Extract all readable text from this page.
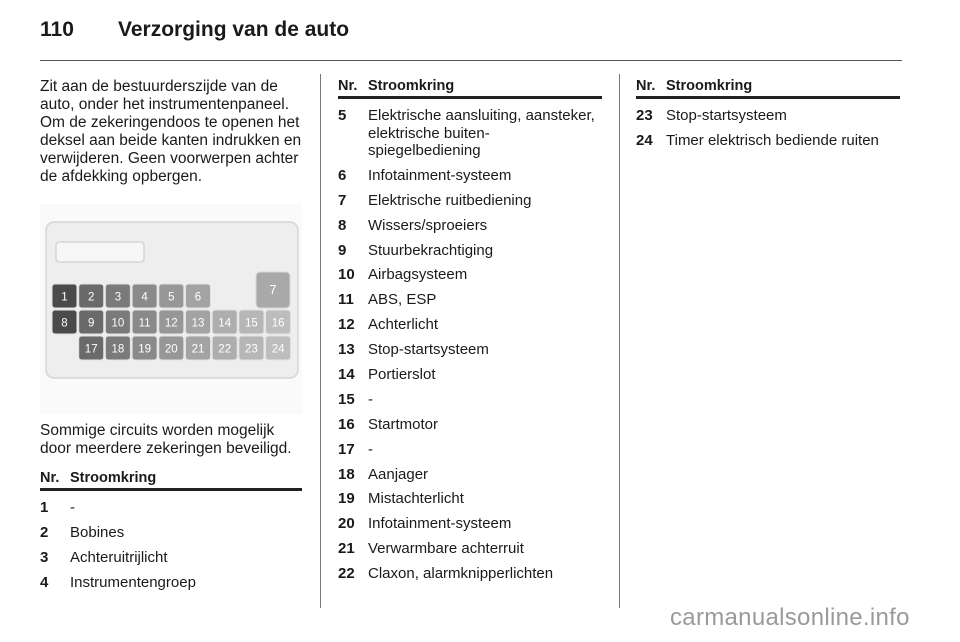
110 Verzorging van de auto

Zit aan de bestuurderszijde van de auto, onder het instrumentenpaneel. Om de zekeringendoos te openen het deksel aan beide kanten indrukken en verwijderen. Geen voorwerpen achter de afdekking opbergen.

1 2 3 4 5 6
8 9 10 11 12 13 14 15 16
17 18 19 20 21 22 23 24
7

Sommige circuits worden mogelijk door meerdere zekeringen beveiligd.

Nr. Stroomkring
1	-
2	Bobines
3	Achteruitrijlicht
4	Instrumentengroep
Nr. Stroomkring
5	Elektrische aansluiting, aansteker, elektrische buiten-spiegelbediening
6	Infotainment-systeem
7	Elektrische ruitbediening
8	Wissers/sproeiers
9	Stuurbekrachtiging
10 Airbagsysteem
11 ABS, ESP
12 Achterlicht
13 Stop-startsysteem
14 Portierslot
15 -
16 Startmotor
17 -
18 Aanjager
19 Mistachterlicht
20 Infotainment-systeem
21 Verwarmbare achterruit
22 Claxon, alarmknipperlichten
Nr. Stroomkring
23 Stop-startsysteem
24 Timer elektrisch bediende ruiten
carmanualsonline.info
